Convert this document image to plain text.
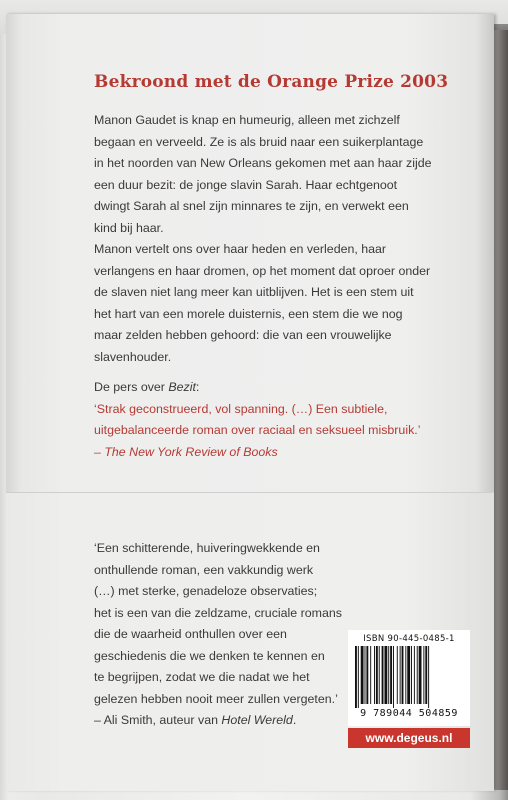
Bekroond met de Orange Prize 2003
Manon Gaudet is knap en humeurig, alleen met zichzelf
begaan en verveeld. Ze is als bruid naar een suikerplantage
in het noorden van New Orleans gekomen met aan haar zijde
een duur bezit: de jonge slavin Sarah. Haar echtgenoot
dwingt Sarah al snel zijn minnares te zijn, en verwekt een
kind bij haar.
Manon vertelt ons over haar heden en verleden, haar
verlangens en haar dromen, op het moment dat oproer onder
de slaven niet lang meer kan uitblijven. Het is een stem uit
het hart van een morele duisternis, een stem die we nog
maar zelden hebben gehoord: die van een vrouwelijke
slavenhouder.
De pers over Bezit:
‘Strak geconstrueerd, vol spanning. (…) Een subtiele,
uitgebalanceerde roman over raciaal en seksueel misbruik.’
– The New York Review of Books
‘Een schitterende, huiveringwekkende en
onthullende roman, een vakkundig werk
(…) met sterke, genadeloze observaties;
het is een van die zeldzame, cruciale romans
die de waarheid onthullen over een
geschiedenis die we denken te kennen en
te begrijpen, zodat we die nadat we het
gelezen hebben nooit meer zullen vergeten.’
– Ali Smith, auteur van Hotel Wereld.
ISBN 90-445-0485-1
9 789044 504859
www.degeus.nl
